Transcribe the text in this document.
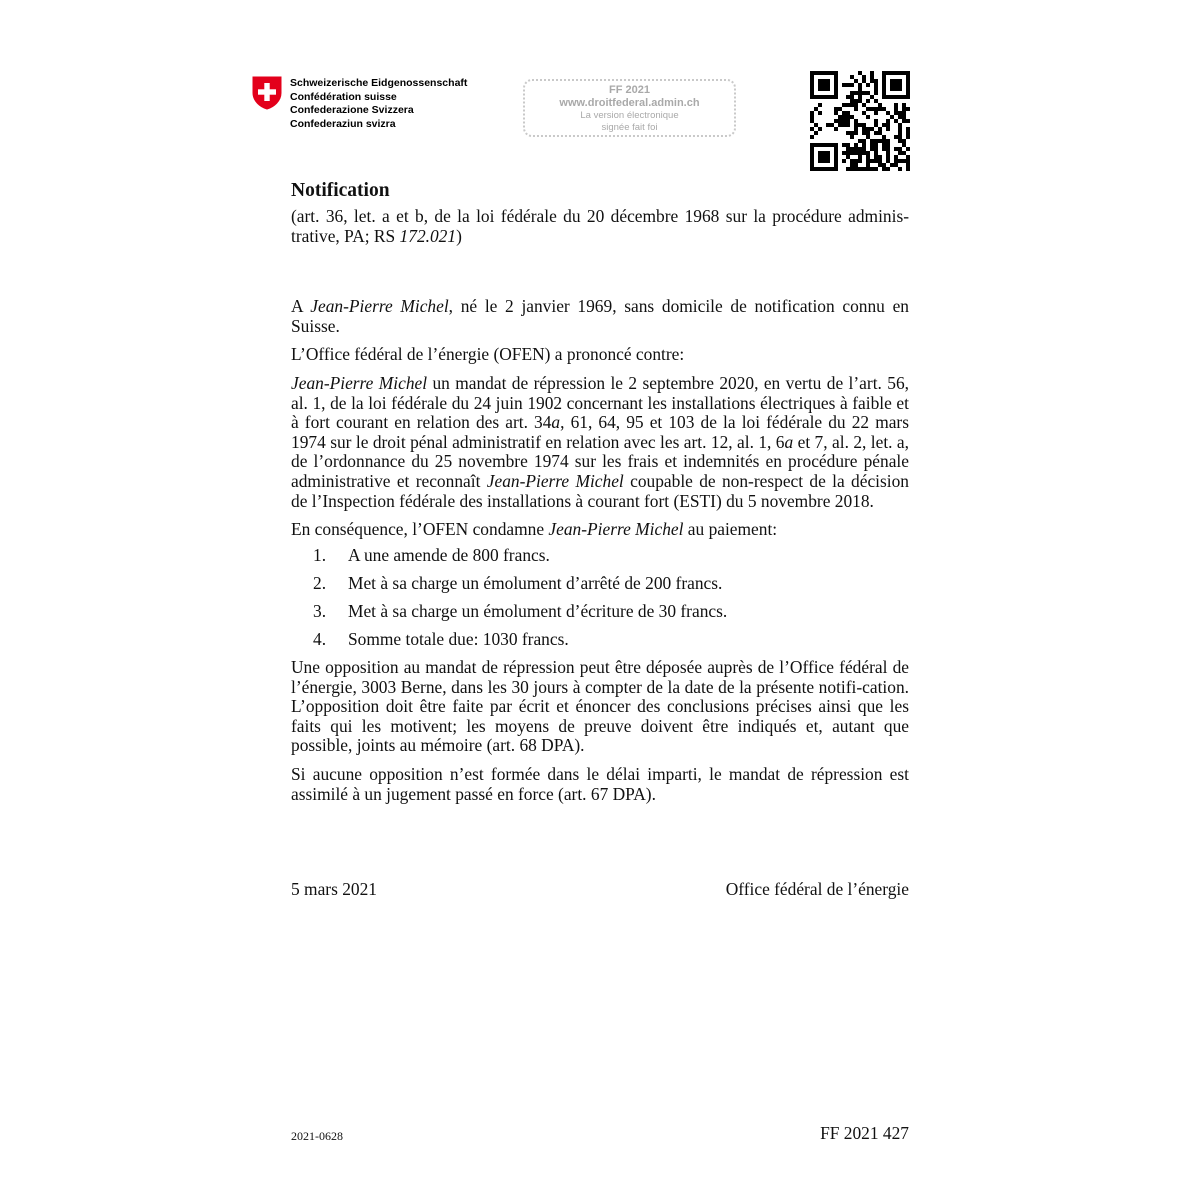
Schweizerische Eidgenossenschaft
Confédération suisse
Confederazione Svizzera
Confederaziun svizra
FF 2021
www.droitfederal.admin.ch
La version électronique
signée fait foi
Notification

(art. 36, let. a et b, de la loi fédérale du 20 décembre 1968 sur la procédure adminis-trative, PA; RS 172.021)

A Jean-Pierre Michel, né le 2 janvier 1969, sans domicile de notification connu en Suisse.

L’Office fédéral de l’énergie (OFEN) a prononcé contre:

Jean-Pierre Michel un mandat de répression le 2 septembre 2020, en vertu de l’art. 56, al. 1, de la loi fédérale du 24 juin 1902 concernant les installations électriques à faible et à fort courant en relation des art. 34a, 61, 64, 95 et 103 de la loi fédérale du 22 mars 1974 sur le droit pénal administratif en relation avec les art. 12, al. 1, 6a et 7, al. 2, let. a, de l’ordonnance du 25 novembre 1974 sur les frais et indemnités en procédure pénale administrative et reconnaît Jean-Pierre Michel coupable de non-respect de la décision de l’Inspection fédérale des installations à courant fort (ESTI) du 5 novembre 2018.

En conséquence, l’OFEN condamne Jean-Pierre Michel au paiement:

1.	A une amende de 800 francs.
2.	Met à sa charge un émolument d’arrêté de 200 francs.
3.	Met à sa charge un émolument d’écriture de 30 francs.
4.	Somme totale due: 1030 francs.

Une opposition au mandat de répression peut être déposée auprès de l’Office fédéral de l’énergie, 3003 Berne, dans les 30 jours à compter de la date de la présente notifi-cation. L’opposition doit être faite par écrit et énoncer des conclusions précises ainsi que les faits qui les motivent; les moyens de preuve doivent être indiqués et, autant que possible, joints au mémoire (art. 68 DPA).

Si aucune opposition n’est formée dans le délai imparti, le mandat de répression est assimilé à un jugement passé en force (art. 67 DPA).

5 mars 2021	Office fédéral de l’énergie
2021-0628	FF 2021 427
